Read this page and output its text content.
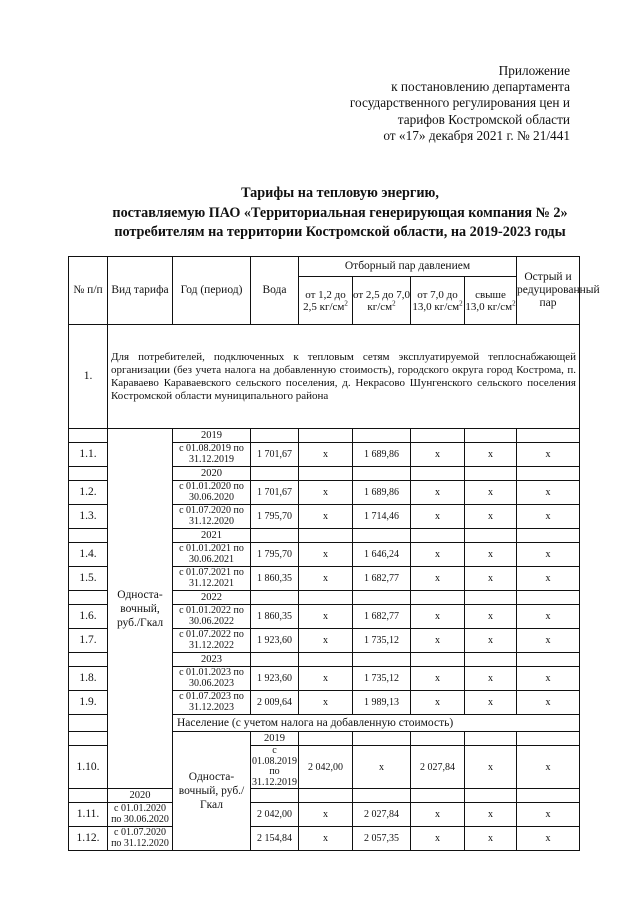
Приложение
к постановлению департамента
государственного регулирования цен и
тарифов Костромской области
от «17» декабря 2021 г. № 21/441
Тарифы на тепловую энергию,
поставляемую ПАО «Территориальная генерирующая компания № 2»
потребителям на территории Костромской области, на 2019-2023 годы
№ п/п	Вид тарифа	Год (период)	Вода	Отборный пар давлением				Острый и редуцированный пар	
				от 1,2 до 2,5 $кг/см^2$	от 2,5 до 7,0 $кг/см^2$	от 7,0 до 13,0 $кг/см^2$	свыше 13,0 $кг/см^2$
1.	Для потребителей, подключенных к тепловым сетям эксплуатируемой теплоснабжающей организации (без учета налога на добавленную стоимость), городского округа город Кострома, п. Караваево Караваевского сельского поселения, д. Некрасово Шунгенского сельского поселения Костромской области муниципального района								
	Односта-вочный, руб./Гкал	2019							
1.1.		с 01.08.2019 по 31.12.2019	1 701,67	х	1 689,86	х	х	х	
		2020							
1.2.		с 01.01.2020 по 30.06.2020	1 701,67	х	1 689,86	х	х	х	
1.3.		с 01.07.2020 по 31.12.2020	1 795,70	х	1 714,46	х	х	х	
		2021							
1.4.		с 01.01.2021 по 30.06.2021	1 795,70	х	1 646,24	х	х	х	
1.5.		с 01.07.2021 по 31.12.2021	1 860,35	х	1 682,77	х	х	х	
		2022							
1.6.		с 01.01.2022 по 30.06.2022	1 860,35	х	1 682,77	х	х	х	
1.7.		с 01.07.2022 по 31.12.2022	1 923,60	х	1 735,12	х	х	х	
		2023							
1.8.		с 01.01.2023 по 30.06.2023	1 923,60	х	1 735,12	х	х	х	
1.9.		с 01.07.2023 по 31.12.2023	2 009,64	х	1 989,13	х	х	х	
		Население (с учетом налога на добавленную стоимость)							
		Односта-вочный, руб./Гкал	2019						
1.10.			с 01.08.2019 по 31.12.2019	2 042,00	х	2 027,84	х	х	
	2020								
1.11.	с 01.01.2020 по 30.06.2020		2 042,00	х	2 027,84	х	х	х	
1.12.	с 01.07.2020 по 31.12.2020		2 154,84	х	2 057,35	х	х	х	
